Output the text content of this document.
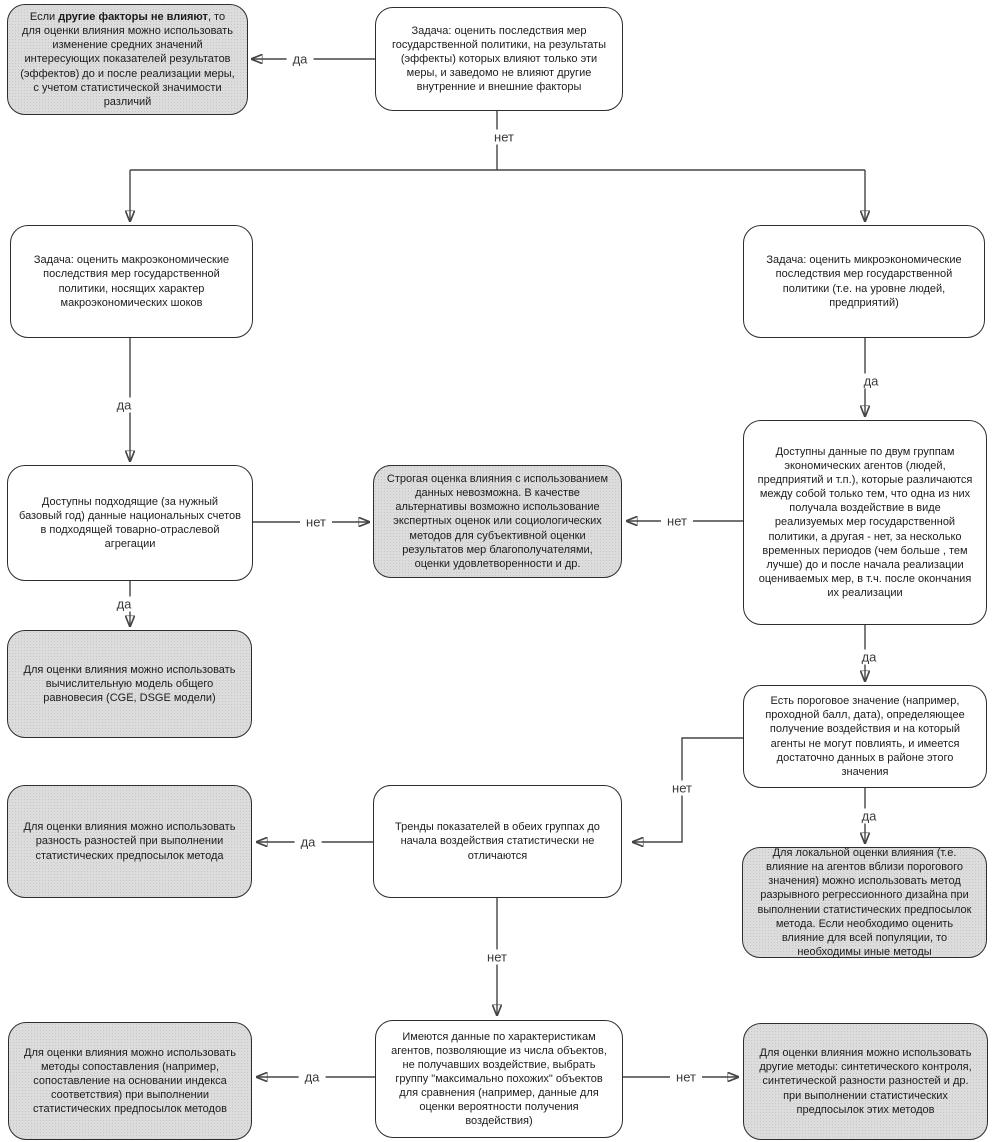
Если другие факторы не влияют, то для оценки влияния можно использовать изменение средних значений интересующих показателей результатов (эффектов) до и после реализации меры, с учетом статистической значимости различий
Задача: оценить последствия мер государственной политики, на результаты (эффекты) которых влияют только эти меры, и заведомо не влияют другие внутренние и внешние факторы
Задача: оценить макроэкономические последствия мер государственной политики, носящих характер макроэкономических шоков
Задача: оценить микроэкономические последствия мер государственной политики (т.е. на уровне людей, предприятий)
Доступны подходящие (за нужный базовый год) данные национальных счетов в подходящей товарно-отраслевой агрегации
Строгая оценка влияния с использованием данных невозможна. В качестве альтернативы возможно использование экспертных оценок или социологических методов для субъективной оценки результатов мер благополучателями, оценки удовлетворенности и др.
Доступны данные по двум группам экономических агентов (людей, предприятий и т.п.), которые различаются между собой только тем, что одна из них получала воздействие в виде реализуемых мер государственной политики, а другая - нет, за несколько временных периодов (чем больше , тем лучше) до и после начала реализации оцениваемых мер, в т.ч. после окончания их реализации
Для оценки влияния можно использовать вычислительную модель общего равновесия (CGE, DSGE модели)	Есть пороговое значение (например, проходной балл, дата), определяющее получение воздействия и на который агенты не могут повлиять, и имеется достаточно данных в районе этого значения
Тренды показателей в обеих группах до начала воздействия статистически не отличаются
Для оценки влияния можно использовать разность разностей при выполнении статистических предпосылок метода	Для локальной оценки влияния (т.е. влияние на агентов вблизи порогового значения) можно использовать метод разрывного регрессионного дизайна при выполнении статистических предпосылок метода. Если необходимо оценить влияние для всей популяции, то необходимы иные методы
Имеются данные по характеристикам агентов, позволяющие из числа объектов, не получавших воздействие, выбрать группу "максимально похожих" объектов для сравнения (например, данные для оценки вероятности получения воздействия)
Для оценки влияния можно использовать методы сопоставления (например, сопоставление на основании индекса соответствия) при выполнении статистических предпосылок методов
Для оценки влияния можно использовать другие методы: синтетического контроля, синтетической разности разностей и др. при выполнении статистических предпосылок этих методов
да
нет
да
да
нет
да
нет
да
да
нет
да
нет
да	нет
